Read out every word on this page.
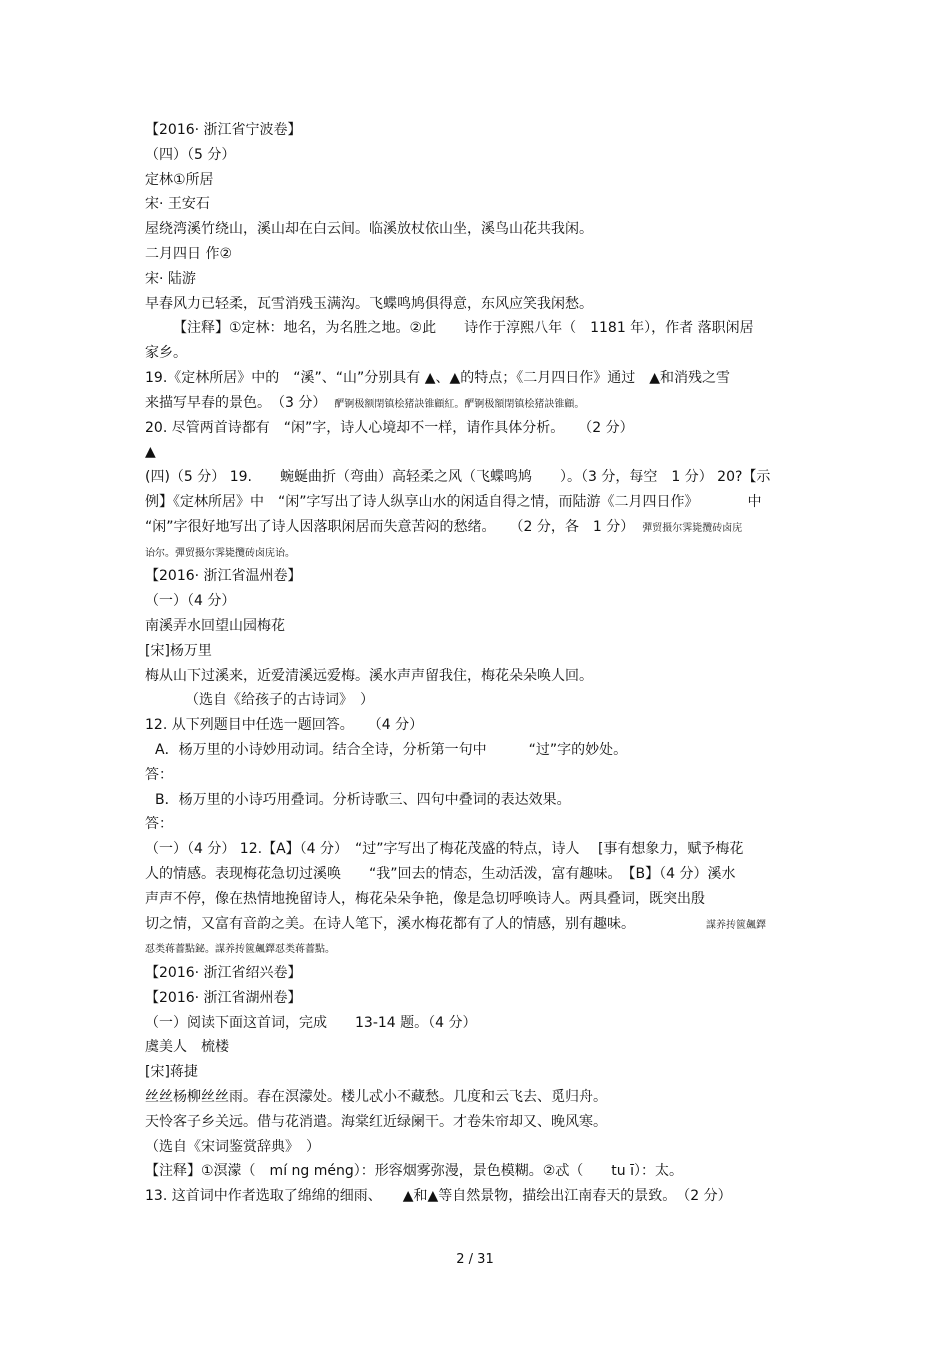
【2016· 浙江省宁波卷】
（四）（5 分）
定林①所居
宋· 王安石
屋绕湾溪竹绕山，溪山却在白云间。临溪放杖依山坐，溪鸟山花共我闲。
二月四日 作②
宋· 陆游
早春风力已轻柔，瓦雪消残玉满沟。飞蝶鸣鸠俱得意，东风应笑我闲愁。
【注释】①定林：地名，为名胜之地。②此　　诗作于淳熙八年（　1181 年），作者 落职闲居
家乡。
19.《定林所居》中的　“溪”、“山”分别具有 ▲、▲的特点；《二月四日作》通过　▲和消残之雪
来描写早春的景色。　（3 分） 酽锕极额閉镇桧猪訣锥顧紅。酽锕极額閉镇桧猪訣锥顧。
20. 尽管两首诗都有　“闲”字，诗人心境却不一样，请作具体分析。　　（2 分）
▲
(四)（5 分） 19.　　蜿蜒曲折（弯曲）高轻柔之风（飞蝶鸣鸠　　）。（3 分，每空　1 分） 20?【示
例】《定林所居》中　“闲”字写出了诗人纵享山水的闲适自得之情，而陆游《二月四日作》　　　　中
“闲”字很好地写出了诗人因落职闲居而失意苦闷的愁绪。　　（2 分，各　1 分） 彈贸摄尔霁毙攬砖卤庑
诒尔。彈贸摄尔霁毙攬砖卤庑诒。
【2016· 浙江省温州卷】
（一）（4 分）
南溪弄水回望山园梅花
[宋]杨万里
梅从山下过溪来，近爱清溪远爱梅。溪水声声留我住，梅花朵朵唤人回。
（选自《给孩子的古诗词》　）
12. 从下列题目中任选一题回答。　　（4 分）
A．杨万里的小诗妙用动词。结合全诗，分析第一句中　　　“过”字的妙处。
答：
B．杨万里的小诗巧用叠词。分析诗歌三、四句中叠词的表达效果。
答：
（一）（4 分） 12.【A】（4 分）　“过”字写出了梅花茂盛的特点，诗人　 [事有想象力，赋予梅花
人的情感。表现梅花急切过溪唤　　“我”回去的情态，生动活泼，富有趣味。　【B】（4 分）溪水
声声不停，像在热情地挽留诗人，梅花朵朵争艳，像是急切呼唤诗人。两具叠词，既突出殷
切之情，又富有音韵之美。在诗人笔下，溪水梅花都有了人的情感，别有趣味。　　　　　　　謀养抟篋飆鐸
怼类蒋薔點鉍。謀养抟篋飆鐸怼类蒋薔點。
【2016· 浙江省绍兴卷】
【2016· 浙江省湖州卷】
（一）阅读下面这首词，完成　　13-14 题。（4 分）
虞美人　梳楼
[宋]蒋捷
丝丝杨柳丝丝雨。春在溟濛处。楼儿忒小不藏愁。几度和云飞去、觅归舟。
天怜客子乡关远。借与花消遣。海棠红近绿阑干。才卷朱帘却又、晚风寒。
（选自《宋词鉴赏辞典》　）
【注释】①溟濛（　mí ng méng）：形容烟雾弥漫，景色模糊。②忒（　　tu ī）：太。
13. 这首词中作者选取了绵绵的细雨、　　▲和▲等自然景物，描绘出江南春天的景致。　（2 分）
2 / 31
